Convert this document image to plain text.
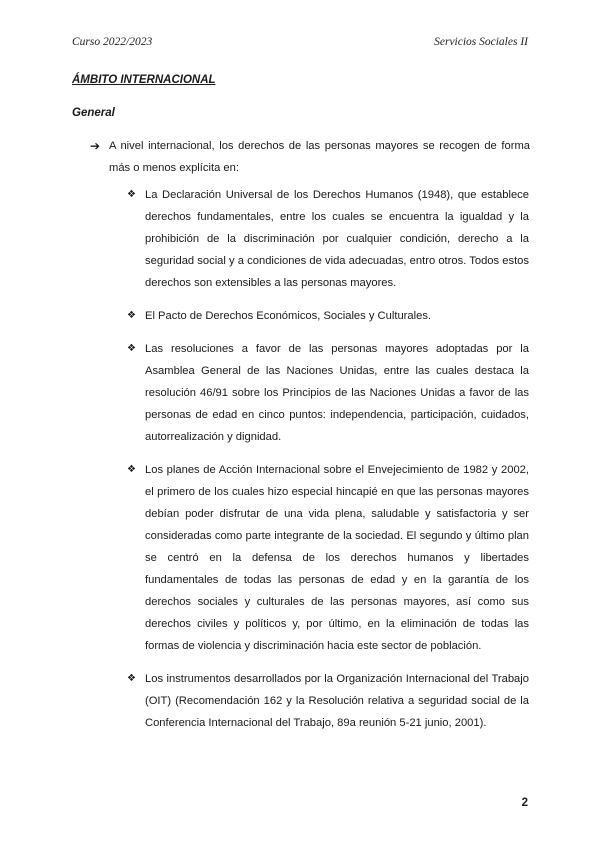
Curso 2022/2023	Servicios Sociales II
ÁMBITO INTERNACIONAL
General
➔ A nivel internacional, los derechos de las personas mayores se recogen de forma más o menos explícita en:
❖ La Declaración Universal de los Derechos Humanos (1948), que establece derechos fundamentales, entre los cuales se encuentra la igualdad y la prohibición de la discriminación por cualquier condición, derecho a la seguridad social y a condiciones de vida adecuadas, entro otros. Todos estos derechos son extensibles a las personas mayores.
❖ El Pacto de Derechos Económicos, Sociales y Culturales.
❖ Las resoluciones a favor de las personas mayores adoptadas por la Asamblea General de las Naciones Unidas, entre las cuales destaca la resolución 46/91 sobre los Principios de las Naciones Unidas a favor de las personas de edad en cinco puntos: independencia, participación, cuidados, autorrealización y dignidad.
❖ Los planes de Acción Internacional sobre el Envejecimiento de 1982 y 2002, el primero de los cuales hizo especial hincapié en que las personas mayores debían poder disfrutar de una vida plena, saludable y satisfactoria y ser consideradas como parte integrante de la sociedad. El segundo y último plan se centró en la defensa de los derechos humanos y libertades fundamentales de todas las personas de edad y en la garantía de los derechos sociales y culturales de las personas mayores, así como sus derechos civiles y políticos y, por último, en la eliminación de todas las formas de violencia y discriminación hacia este sector de población.
❖ Los instrumentos desarrollados por la Organización Internacional del Trabajo (OIT) (Recomendación 162 y la Resolución relativa a seguridad social de la Conferencia Internacional del Trabajo, 89a reunión 5-21 junio, 2001).
2
